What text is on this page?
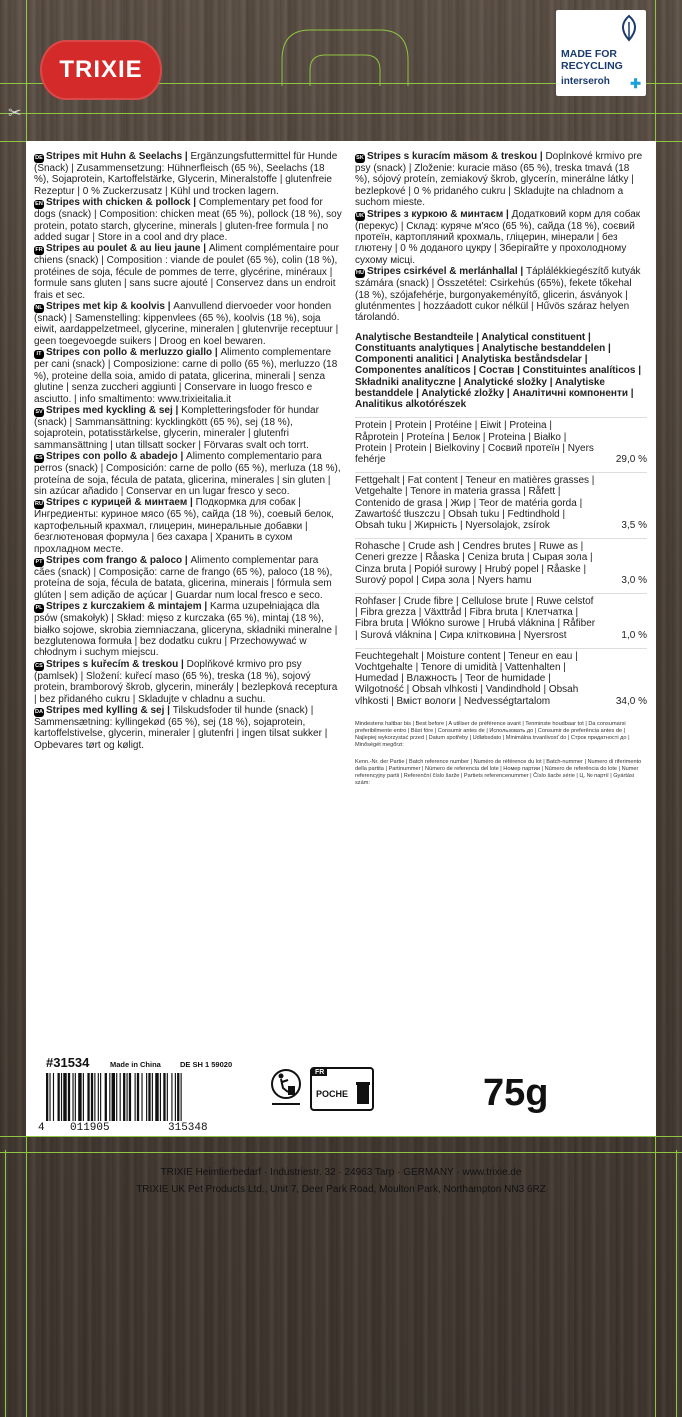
TRIXIE
MADE FOR
RECYCLING
interseroh ✚
✂

DE Stripes mit Huhn & Seelachs | Ergänzungsfuttermittel für Hunde (Snack) | Zusammensetzung: Hühnerfleisch (65 %), Seelachs (18 %), Sojaprotein, Kartoffelstärke, Glycerin, Mineralstoffe | glutenfreie Rezeptur | 0 % Zuckerzusatz | Kühl und trocken lagern.

EN Stripes with chicken & pollock | Complementary pet food for dogs (snack) | Composition: chicken meat (65 %), pollock (18 %), soy protein, potato starch, glycerine, minerals | gluten-free formula | no added sugar | Store in a cool and dry place.

FR Stripes au poulet & au lieu jaune | Aliment complémentaire pour chiens (snack) | Composition : viande de poulet (65 %), colin (18 %), protéines de soja, fécule de pommes de terre, glycérine, minéraux | formule sans gluten | sans sucre ajouté | Conservez dans un endroit frais et sec.

NL Stripes met kip & koolvis | Aanvullend diervoeder voor honden (snack) | Samenstelling: kippenvlees (65 %), koolvis (18 %), soja eiwit, aardappelzetmeel, glycerine, mineralen | glutenvrije receptuur | geen toegevoegde suikers | Droog en koel bewaren.

IT Stripes con pollo & merluzzo giallo | Alimento complementare per cani (snack) | Composizione: carne di pollo (65 %), merluzzo (18 %), proteine della soia, amido di patata, glicerina, minerali | senza glutine | senza zuccheri aggiunti | Conservare in luogo fresco e asciutto. | info smaltimento: www.trixieitalia.it

SV Stripes med kyckling & sej | Kompletteringsfoder för hundar (snack) | Sammansättning: kycklingkött (65 %), sej (18 %), sojaprotein, potatisstärkelse, glycerin, mineraler | glutenfri sammansättning | utan tillsatt socker | Förvaras svalt och torrt.

ES Stripes con pollo & abadejo | Alimento complementario para perros (snack) | Composición: carne de pollo (65 %), merluza (18 %), proteína de soja, fécula de patata, glicerina, minerales | sin gluten | sin azúcar añadido | Conservar en un lugar fresco y seco.

RU Stripes с курицей & минтаем | Подкормка для собак | Ингредиенты: куриное мясо (65 %), сайда (18 %), соевый белок, картофельный крахмал, глицерин, минеральные добавки | безглютеновая формула | без сахара | Хранить в сухом прохладном месте.

PT Stripes com frango & paloco | Alimento complementar para cães (snack) | Composição: carne de frango (65 %), paloco (18 %), proteína de soja, fécula de batata, glicerina, minerais | fórmula sem glúten | sem adição de açúcar | Guardar num local fresco e seco.

PL Stripes z kurczakiem & mintajem | Karma uzupełniająca dla psów (smakołyk) | Skład: mięso z kurczaka (65 %), mintaj (18 %), białko sojowe, skrobia ziemniaczana, gliceryna, składniki mineralne | bezglutenowa formuła | bez dodatku cukru | Przechowywać w chłodnym i suchym miejscu.

CS Stripes s kuřecím & treskou | Doplňkové krmivo pro psy (pamlsek) | Složení: kuřecí maso (65 %), treska (18 %), sojový protein, bramborový škrob, glycerin, minerály | bezlepková receptura | bez přidaného cukru | Skladujte v chladnu a suchu.

DA Stripes med kylling & sej | Tilskudsfoder til hunde (snack) | Sammensætning: kyllingekød (65 %), sej (18 %), sojaprotein, kartoffelstivelse, glycerin, mineraler | glutenfri | ingen tilsat sukker | Opbevares tørt og køligt.

SK Stripes s kuracím mäsom & treskou | Doplnkové krmivo pre psy (snack) | Zloženie: kuracie mäso (65 %), treska tmavá (18 %), sójový proteín, zemiakový škrob, glycerín, minerálne látky | bezlepkové | 0 % pridaného cukru | Skladujte na chladnom a suchom mieste.

UK Stripes з куркою & минтаєм | Додатковий корм для собак (перекус) | Склад: куряче м'ясо (65 %), сайда (18 %), соєвий протеїн, картопляний крохмаль, гліцерин, мінерали | без глютену | 0 % доданого цукру | Зберігайте у прохолодному сухому місці.

HU Stripes csirkével & merlánhallal | Táplálékkiegészítő kutyák számára (snack) | Összetétel: Csirkehús (65%), fekete tőkehal (18 %), szójafehérje, burgonyakeményítő, glicerin, ásványok | gluténmentes | hozzáadott cukor nélkül | Hűvös száraz helyen tárolandó.

Analytische Bestandteile | Analytical constituent | Constituants analytiques | Analytische bestanddelen | Componenti analitici | Analytiska beståndsdelar | Componentes analíticos | Состав | Constituintes analíticos | Składniki analityczne | Analytické složky | Analytiske bestanddele | Analytické zložky | Аналітичні компоненти | Analitikus alkotórészek
Protein | Protein | Protéine | Eiwit | Proteina | Råprotein | Proteína | Белок | Proteina | Białko | Protein | Protein | Bielkoviny | Coєвий протеїн | Nyers fehérje	29,0 %
Fettgehalt | Fat content | Teneur en matières grasses | Vetgehalte | Tenore in materia grassa | Råfett | Contenido de grasa | Жир | Teor de matéria gorda | Zawartość tłuszczu | Obsah tuku | Fedtindhold | Obsah tuku | Жирність | Nyersolajok, zsírok	3,5 %
Rohasche | Crude ash | Cendres brutes | Ruwe as | Ceneri grezze | Råaska | Ceniza bruta | Сырая зола | Cinza bruta | Popiół surowy | Hrubý popel | Råaske | Surový popol | Сира зола | Nyers hamu	3,0 %
Rohfaser | Crude fibre | Cellulose brute | Ruwe celstof | Fibra grezza | Växttråd | Fibra bruta | Клетчатка | Fibra bruta | Włókno surowe | Hrubá vláknina | Råfiber | Surová vláknina | Сира клітковина | Nyersrost	1,0 %
Feuchtegehalt | Moisture content | Teneur en eau | Vochtgehalte | Tenore di umidità | Vattenhalten | Humedad | Влажность | Teor de humidade | Wilgotność | Obsah vlhkosti | Vandindhold | Obsah vlhkosti | Вміст вологи | Nedvességtartalom	34,0 %
Mindestens haltbar bis | Best before | A utiliser de préférence avant | Tenminste houdbaar tot | Da consumarsi preferibilmente entro | Bäst före | Consumir antes de | Использовать до | Consumir de preferência antes de | Najlepiej wykorzystać przed | Datum spotřeby | Udløbsdato | Minimálna trvanlivosť do | Строк придатності до | Minőségét megőrzi:
Kenn.-Nr. der Partie | Batch reference number | Numéro de référence du lot | Batch-nummer | Numero di riferimento della partita | Partinummer | Número de referencia del lote | Номер партии | Número de referência do lote | Numer referencyjny partii | Referenční číslo šarže | Partiets referencenummer | Číslo šarže série | Ц. № партії | Gyártási szám:
#31534	Made in China	DE SH 1 59020
4 011905	315348
FR
POCHE	75g
TRIXIE Heimtierbedarf · Industriestr. 32 · 24963 Tarp · GERMANY · www.trixie.de
TRIXIE UK Pet Products Ltd., Unit 7, Deer Park Road, Moulton Park, Northampton NN3 6RZ
